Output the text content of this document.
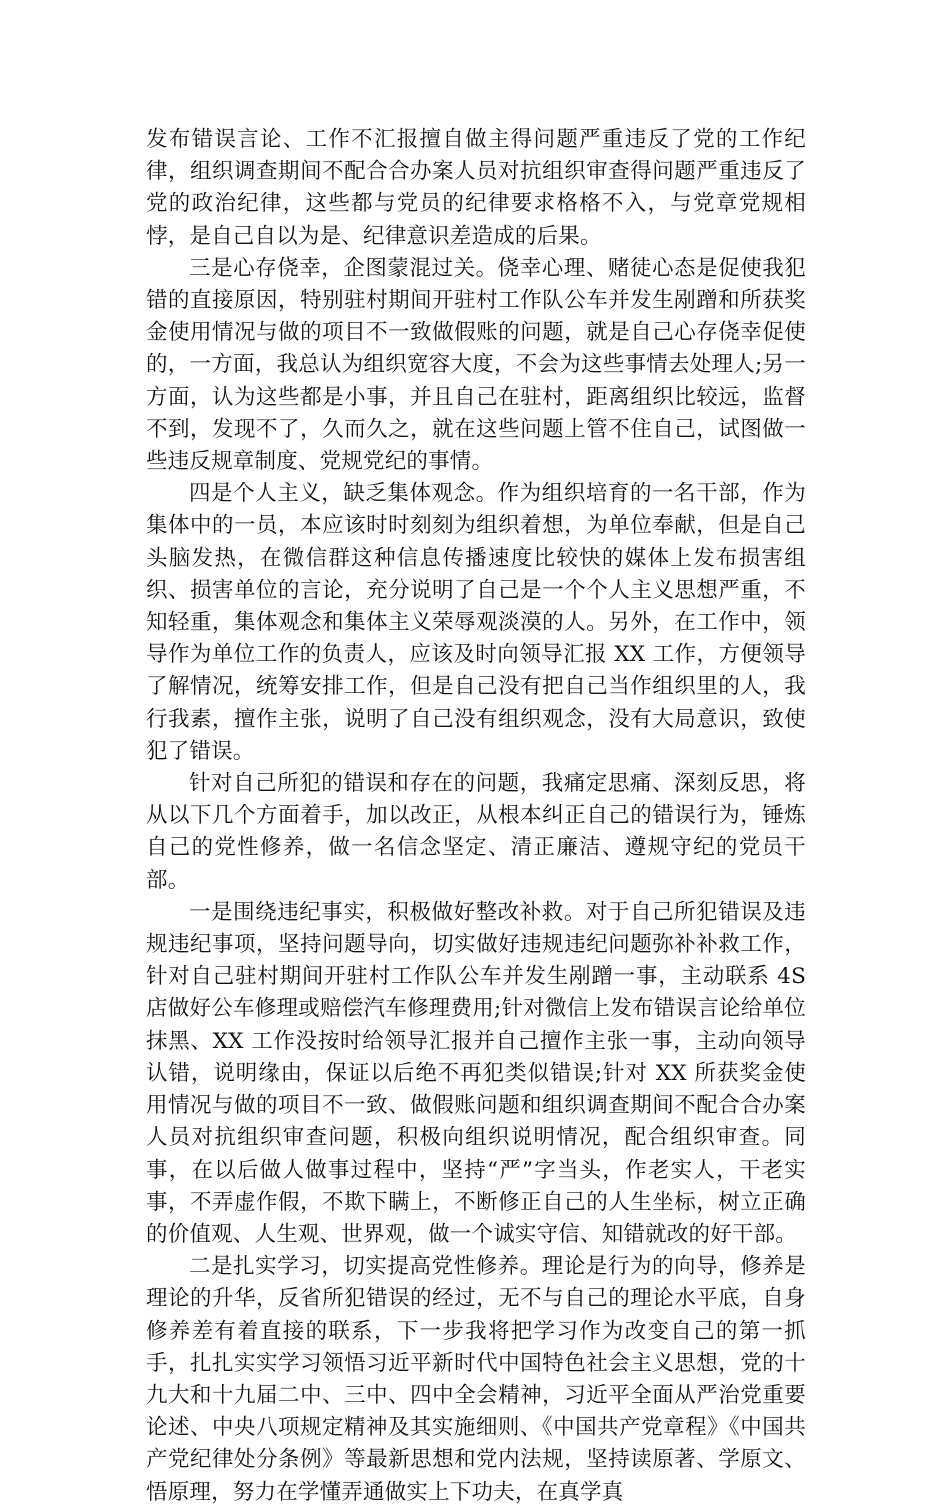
发布错误言论、工作不汇报擅自做主得问题严重违反了党的工作纪律，组织调查期间不配合合办案人员对抗组织审查得问题严重违反了党的政治纪律，这些都与党员的纪律要求格格不入，与党章党规相悖，是自己自以为是、纪律意识差造成的后果。

三是心存侥幸，企图蒙混过关。侥幸心理、赌徒心态是促使我犯错的直接原因，特别驻村期间开驻村工作队公车并发生剐蹭和所获奖金使用情况与做的项目不一致做假账的问题，就是自己心存侥幸促使的，一方面，我总认为组织宽容大度，不会为这些事情去处理人;另一方面，认为这些都是小事，并且自己在驻村，距离组织比较远，监督不到，发现不了，久而久之，就在这些问题上管不住自己，试图做一些违反规章制度、党规党纪的事情。

四是个人主义，缺乏集体观念。作为组织培育的一名干部，作为集体中的一员，本应该时时刻刻为组织着想，为单位奉献，但是自己头脑发热，在微信群这种信息传播速度比较快的媒体上发布损害组织、损害单位的言论，充分说明了自己是一个个人主义思想严重，不知轻重，集体观念和集体主义荣辱观淡漠的人。另外，在工作中，领导作为单位工作的负责人，应该及时向领导汇报 XX 工作，方便领导了解情况，统筹安排工作，但是自己没有把自己当作组织里的人，我行我素，擅作主张，说明了自己没有组织观念，没有大局意识，致使犯了错误。

针对自己所犯的错误和存在的问题，我痛定思痛、深刻反思，将从以下几个方面着手，加以改正，从根本纠正自己的错误行为，锤炼自己的党性修养，做一名信念坚定、清正廉洁、遵规守纪的党员干部。

一是围绕违纪事实，积极做好整改补救。对于自己所犯错误及违规违纪事项，坚持问题导向，切实做好违规违纪问题弥补补救工作，针对自己驻村期间开驻村工作队公车并发生剐蹭一事，主动联系 4S 店做好公车修理或赔偿汽车修理费用;针对微信上发布错误言论给单位抹黑、XX 工作没按时给领导汇报并自己擅作主张一事，主动向领导认错，说明缘由，保证以后绝不再犯类似错误;针对 XX 所获奖金使用情况与做的项目不一致、做假账问题和组织调查期间不配合合办案人员对抗组织审查问题，积极向组织说明情况，配合组织审查。同事，在以后做人做事过程中，坚持“严”字当头，作老实人，干老实事，不弄虚作假，不欺下瞒上，不断修正自己的人生坐标，树立正确的价值观、人生观、世界观，做一个诚实守信、知错就改的好干部。

二是扎实学习，切实提高党性修养。理论是行为的向导，修养是理论的升华，反省所犯错误的经过，无不与自己的理论水平底，自身修养差有着直接的联系，下一步我将把学习作为改变自己的第一抓手，扎扎实实学习领悟习近平新时代中国特色社会主义思想，党的十九大和十九届二中、三中、四中全会精神，习近平全面从严治党重要论述、中央八项规定精神及其实施细则、《中国共产党章程》《中国共产党纪律处分条例》等最新思想和党内法规，坚持读原著、学原文、悟原理，努力在学懂弄通做实上下功夫，在真学真
